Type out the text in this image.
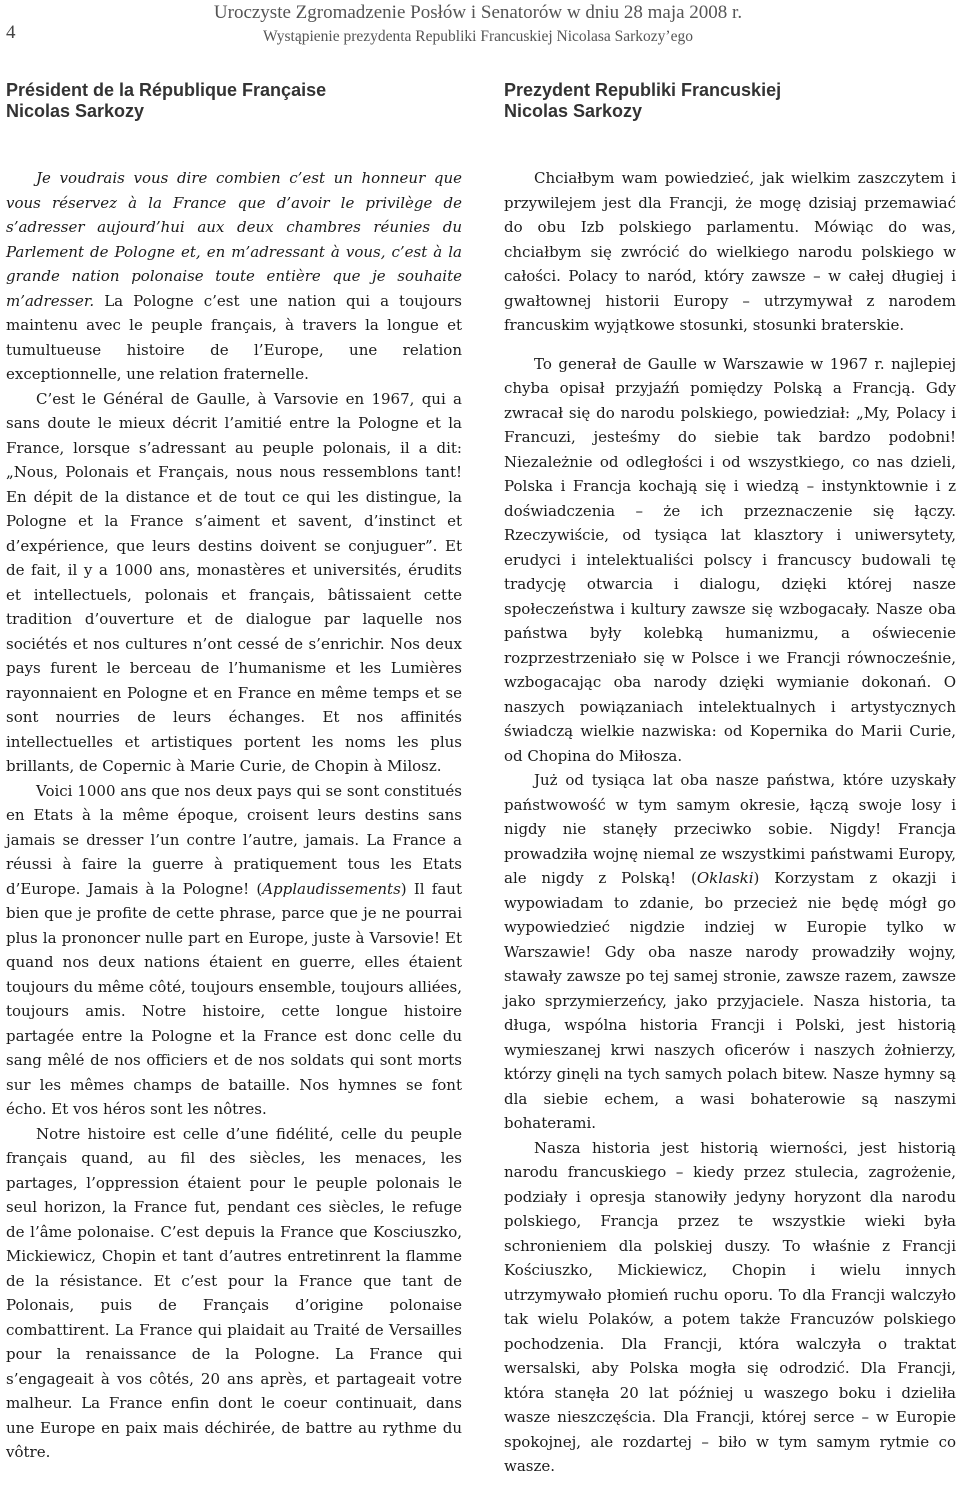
4
Uroczyste Zgromadzenie Posłów i Senatorów w dniu 28 maja 2008 r.
Wystąpienie prezydenta Republiki Francuskiej Nicolasa Sarkozy’ego
Président de la République Française
Nicolas Sarkozy

Je voudrais vous dire combien c’est un honneur que vous réservez à la France que d’avoir le privilège de s’adresser aujourd’hui aux deux chambres réunies du Parlement de Pologne et, en m’adressant à vous, c’est à la grande nation polonaise toute entière que je souhaite m’adresser. La Pologne c’est une nation qui a toujours maintenu avec le peuple français, à travers la longue et tumultueuse histoire de l’Europe, une relation exceptionnelle, une relation fraternelle.

C’est le Général de Gaulle, à Varsovie en 1967, qui a sans doute le mieux décrit l’amitié entre la Pologne et la France, lorsque s’adressant au peuple polonais, il a dit: „Nous, Polonais et Français, nous nous ressemblons tant! En dépit de la distance et de tout ce qui les distingue, la Pologne et la France s’aiment et savent, d’instinct et d’expérience, que leurs destins doivent se conjuguer”. Et de fait, il y a 1000 ans, monastères et universités, érudits et intellectuels, polonais et français, bâtissaient cette tradition d’ouverture et de dialogue par laquelle nos sociétés et nos cultures n’ont cessé de s’enrichir. Nos deux pays furent le berceau de l’humanisme et les Lumières rayonnaient en Pologne et en France en même temps et se sont nourries de leurs échanges. Et nos affinités intellectuelles et artistiques portent les noms les plus brillants, de Copernic à Marie Curie, de Chopin à Milosz.

Voici 1000 ans que nos deux pays qui se sont constitués en Etats à la même époque, croisent leurs destins sans jamais se dresser l’un contre l’autre, jamais. La France a réussi à faire la guerre à pratiquement tous les Etats d’Europe. Jamais à la Pologne! (Applaudissements) Il faut bien que je profite de cette phrase, parce que je ne pourrai plus la prononcer nulle part en Europe, juste à Varsovie! Et quand nos deux nations étaient en guerre, elles étaient toujours du même côté, toujours ensemble, toujours alliées, toujours amis. Notre histoire, cette longue histoire partagée entre la Pologne et la France est donc celle du sang mêlé de nos officiers et de nos soldats qui sont morts sur les mêmes champs de bataille. Nos hymnes se font écho. Et vos héros sont les nôtres.

Notre histoire est celle d’une fidélité, celle du peuple français quand, au fil des siècles, les menaces, les partages, l’oppression étaient pour le peuple polonais le seul horizon, la France fut, pendant ces siècles, le refuge de l’âme polonaise. C’est depuis la France que Kosciuszko, Mickiewicz, Chopin et tant d’autres entretinrent la flamme de la résistance. Et c’est pour la France que tant de Polonais, puis de Français d’origine polonaise combattirent. La France qui plaidait au Traité de Versailles pour la renaissance de la Pologne. La France qui s’engageait à vos côtés, 20 ans après, et partageait votre malheur. La France enfin dont le coeur continuait, dans une Europe en paix mais déchirée, de battre au rythme du vôtre.

Prezydent Republiki Francuskiej
Nicolas Sarkozy

Chciałbym wam powiedzieć, jak wielkim zaszczytem i przywilejem jest dla Francji, że mogę dzisiaj przemawiać do obu Izb polskiego parlamentu. Mówiąc do was, chciałbym się zwrócić do wielkiego narodu polskiego w całości. Polacy to naród, który zawsze – w całej długiej i gwałtownej historii Europy – utrzymywał z narodem francuskim wyjątkowe stosunki, stosunki braterskie.

To generał de Gaulle w Warszawie w 1967 r. najlepiej chyba opisał przyjaźń pomiędzy Polską a Francją. Gdy zwracał się do narodu polskiego, powiedział: „My, Polacy i Francuzi, jesteśmy do siebie tak bardzo podobni! Niezależnie od odległości i od wszystkiego, co nas dzieli, Polska i Francja kochają się i wiedzą – instynktownie i z doświadczenia – że ich przeznaczenie się łączy. Rzeczywiście, od tysiąca lat klasztory i uniwersytety, erudyci i intelektualiści polscy i francuscy budowali tę tradycję otwarcia i dialogu, dzięki której nasze społeczeństwa i kultury zawsze się wzbogacały. Nasze oba państwa były kolebką humanizmu, a oświecenie rozprzestrzeniało się w Polsce i we Francji równocześnie, wzbogacając oba narody dzięki wymianie dokonań. O naszych powiązaniach intelektualnych i artystycznych świadczą wielkie nazwiska: od Kopernika do Marii Curie, od Chopina do Miłosza.

Już od tysiąca lat oba nasze państwa, które uzyskały państwowość w tym samym okresie, łączą swoje losy i nigdy nie stanęły przeciwko sobie. Nigdy! Francja prowadziła wojnę niemal ze wszystkimi państwami Europy, ale nigdy z Polską! (Oklaski) Korzystam z okazji i wypowiadam to zdanie, bo przecież nie będę mógł go wypowiedzieć nigdzie indziej w Europie tylko w Warszawie! Gdy oba nasze narody prowadziły wojny, stawały zawsze po tej samej stronie, zawsze razem, zawsze jako sprzymierzeńcy, jako przyjaciele. Nasza historia, ta długa, wspólna historia Francji i Polski, jest historią wymieszanej krwi naszych oficerów i naszych żołnierzy, którzy ginęli na tych samych polach bitew. Nasze hymny są dla siebie echem, a wasi bohaterowie są naszymi bohaterami.

Nasza historia jest historią wierności, jest historią narodu francuskiego – kiedy przez stulecia, zagrożenie, podziały i opresja stanowiły jedyny horyzont dla narodu polskiego, Francja przez te wszystkie wieki była schronieniem dla polskiej duszy. To właśnie z Francji Kościuszko, Mickiewicz, Chopin i wielu innych utrzymywało płomień ruchu oporu. To dla Francji walczyło tak wielu Polaków, a potem także Francuzów polskiego pochodzenia. Dla Francji, która walczyła o traktat wersalski, aby Polska mogła się odrodzić. Dla Francji, która stanęła 20 lat później u waszego boku i dzieliła wasze nieszczęścia. Dla Francji, której serce – w Europie spokojnej, ale rozdartej – biło w tym samym rytmie co wasze.
